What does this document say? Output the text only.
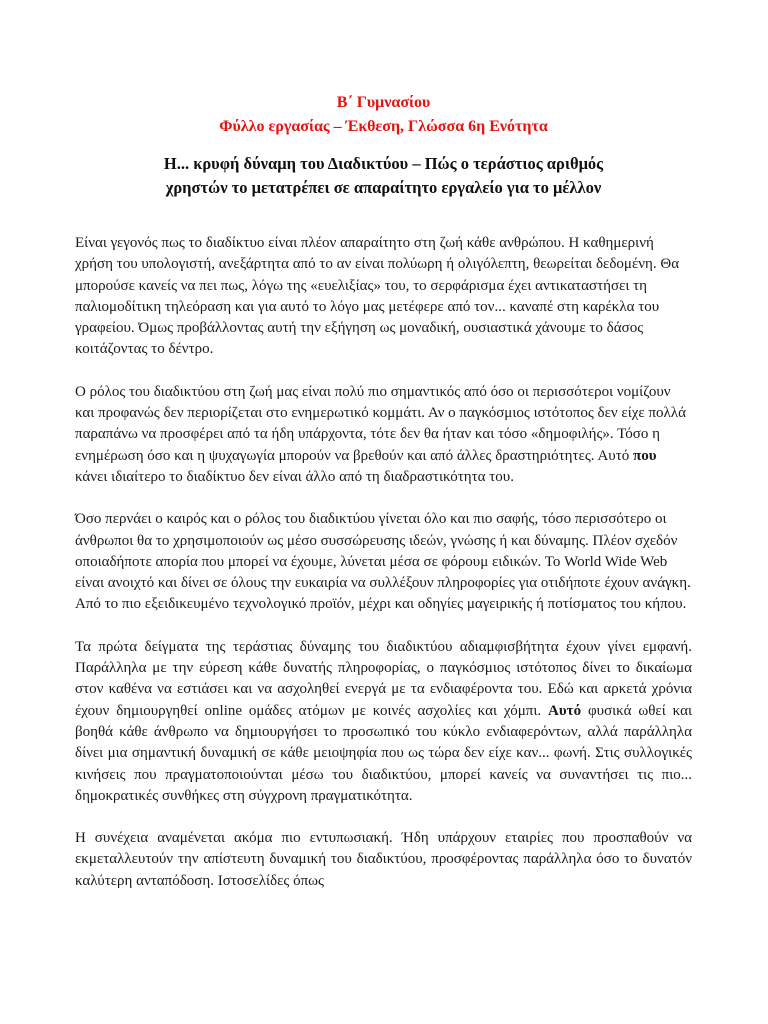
Β΄ Γυμνασίου
Φύλλο εργασίας – Έκθεση, Γλώσσα 6η Ενότητα
Η... κρυφή δύναμη του Διαδικτύου – Πώς ο τεράστιος αριθμός
χρηστών το μετατρέπει σε απαραίτητο εργαλείο για το μέλλον

Είναι γεγονός πως το διαδίκτυο είναι πλέον απαραίτητο στη ζωή κάθε ανθρώπου. Η καθημερινή χρήση του υπολογιστή, ανεξάρτητα από το αν είναι πολύωρη ή ολιγόλεπτη, θεωρείται δεδομένη. Θα μπορούσε κανείς να πει πως, λόγω της «ευελιξίας» του, το σερφάρισμα έχει αντικαταστήσει τη παλιομοδίτικη τηλεόραση και για αυτό το λόγο μας μετέφερε από τον... καναπέ στη καρέκλα του γραφείου. Όμως προβάλλοντας αυτή την εξήγηση ως μοναδική, ουσιαστικά χάνουμε το δάσος κοιτάζοντας το δέντρο.

Ο ρόλος του διαδικτύου στη ζωή μας είναι πολύ πιο σημαντικός από όσο οι περισσότεροι νομίζουν και προφανώς δεν περιορίζεται στο ενημερωτικό κομμάτι. Αν ο παγκόσμιος ιστότοπος δεν είχε πολλά παραπάνω να προσφέρει από τα ήδη υπάρχοντα, τότε δεν θα ήταν και τόσο «δημοφιλής». Τόσο η ενημέρωση όσο και η ψυχαγωγία μπορούν να βρεθούν και από άλλες δραστηριότητες. Αυτό που κάνει ιδιαίτερο το διαδίκτυο δεν είναι άλλο από τη διαδραστικότητα του.

Όσο περνάει ο καιρός και ο ρόλος του διαδικτύου γίνεται όλο και πιο σαφής, τόσο περισσότερο οι άνθρωποι θα το χρησιμοποιούν ως μέσο συσσώρευσης ιδεών, γνώσης ή και δύναμης. Πλέον σχεδόν οποιαδήποτε απορία που μπορεί να έχουμε, λύνεται μέσα σε φόρουμ ειδικών. Το World Wide Web είναι ανοιχτό και δίνει σε όλους την ευκαιρία να συλλέξουν πληροφορίες για οτιδήποτε έχουν ανάγκη. Από το πιο εξειδικευμένο τεχνολογικό προϊόν, μέχρι και οδηγίες μαγειρικής ή ποτίσματος του κήπου.

Τα πρώτα δείγματα της τεράστιας δύναμης του διαδικτύου αδιαμφισβήτητα έχουν γίνει εμφανή. Παράλληλα με την εύρεση κάθε δυνατής πληροφορίας, ο παγκόσμιος ιστότοπος δίνει το δικαίωμα στον καθένα να εστιάσει και να ασχοληθεί ενεργά με τα ενδιαφέροντα του. Εδώ και αρκετά χρόνια έχουν δημιουργηθεί online ομάδες ατόμων με κοινές ασχολίες και χόμπι. Αυτό φυσικά ωθεί και βοηθά κάθε άνθρωπο να δημιουργήσει το προσωπικό του κύκλο ενδιαφερόντων, αλλά παράλληλα δίνει μια σημαντική δυναμική σε κάθε μειοψηφία που ως τώρα δεν είχε καν... φωνή. Στις συλλογικές κινήσεις που πραγματοποιούνται μέσω του διαδικτύου, μπορεί κανείς να συναντήσει τις πιο... δημοκρατικές συνθήκες στη σύγχρονη πραγματικότητα.

Η συνέχεια αναμένεται ακόμα πιο εντυπωσιακή. Ήδη υπάρχουν εταιρίες που προσπαθούν να εκμεταλλευτούν την απίστευτη δυναμική του διαδικτύου, προσφέροντας παράλληλα όσο το δυνατόν καλύτερη ανταπόδοση. Ιστοσελίδες όπως
